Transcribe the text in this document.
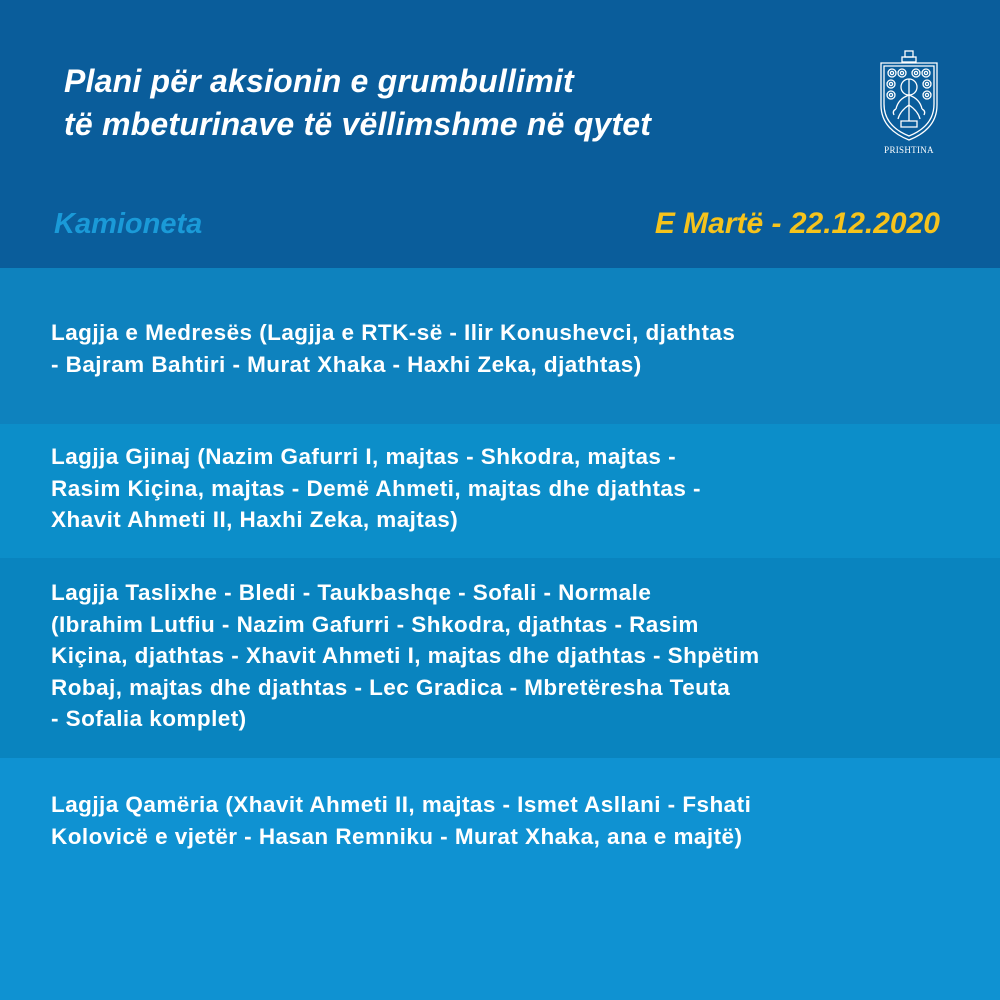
Plani për aksionin e grumbullimit
të mbeturinave të vëllimshme në qytet
PRISHTINA
Kamioneta	E Martë - 22.12.2020

Lagjja e Medresës (Lagjja e RTK-së - Ilir Konushevci, djathtas
- Bajram Bahtiri - Murat Xhaka - Haxhi Zeka, djathtas)

Lagjja Gjinaj (Nazim Gafurri I, majtas - Shkodra, majtas -
Rasim Kiçina, majtas - Demë Ahmeti, majtas dhe djathtas -
Xhavit Ahmeti II, Haxhi Zeka, majtas)

Lagjja Taslixhe - Bledi - Taukbashqe - Sofali - Normale
(Ibrahim Lutfiu - Nazim Gafurri - Shkodra, djathtas - Rasim
Kiçina, djathtas - Xhavit Ahmeti I, majtas dhe djathtas - Shpëtim
Robaj, majtas dhe djathtas - Lec Gradica - Mbretëresha Teuta
- Sofalia komplet)

Lagjja Qamëria (Xhavit Ahmeti II, majtas - Ismet Asllani - Fshati
Kolovicë e vjetër - Hasan Remniku - Murat Xhaka, ana e majtë)
